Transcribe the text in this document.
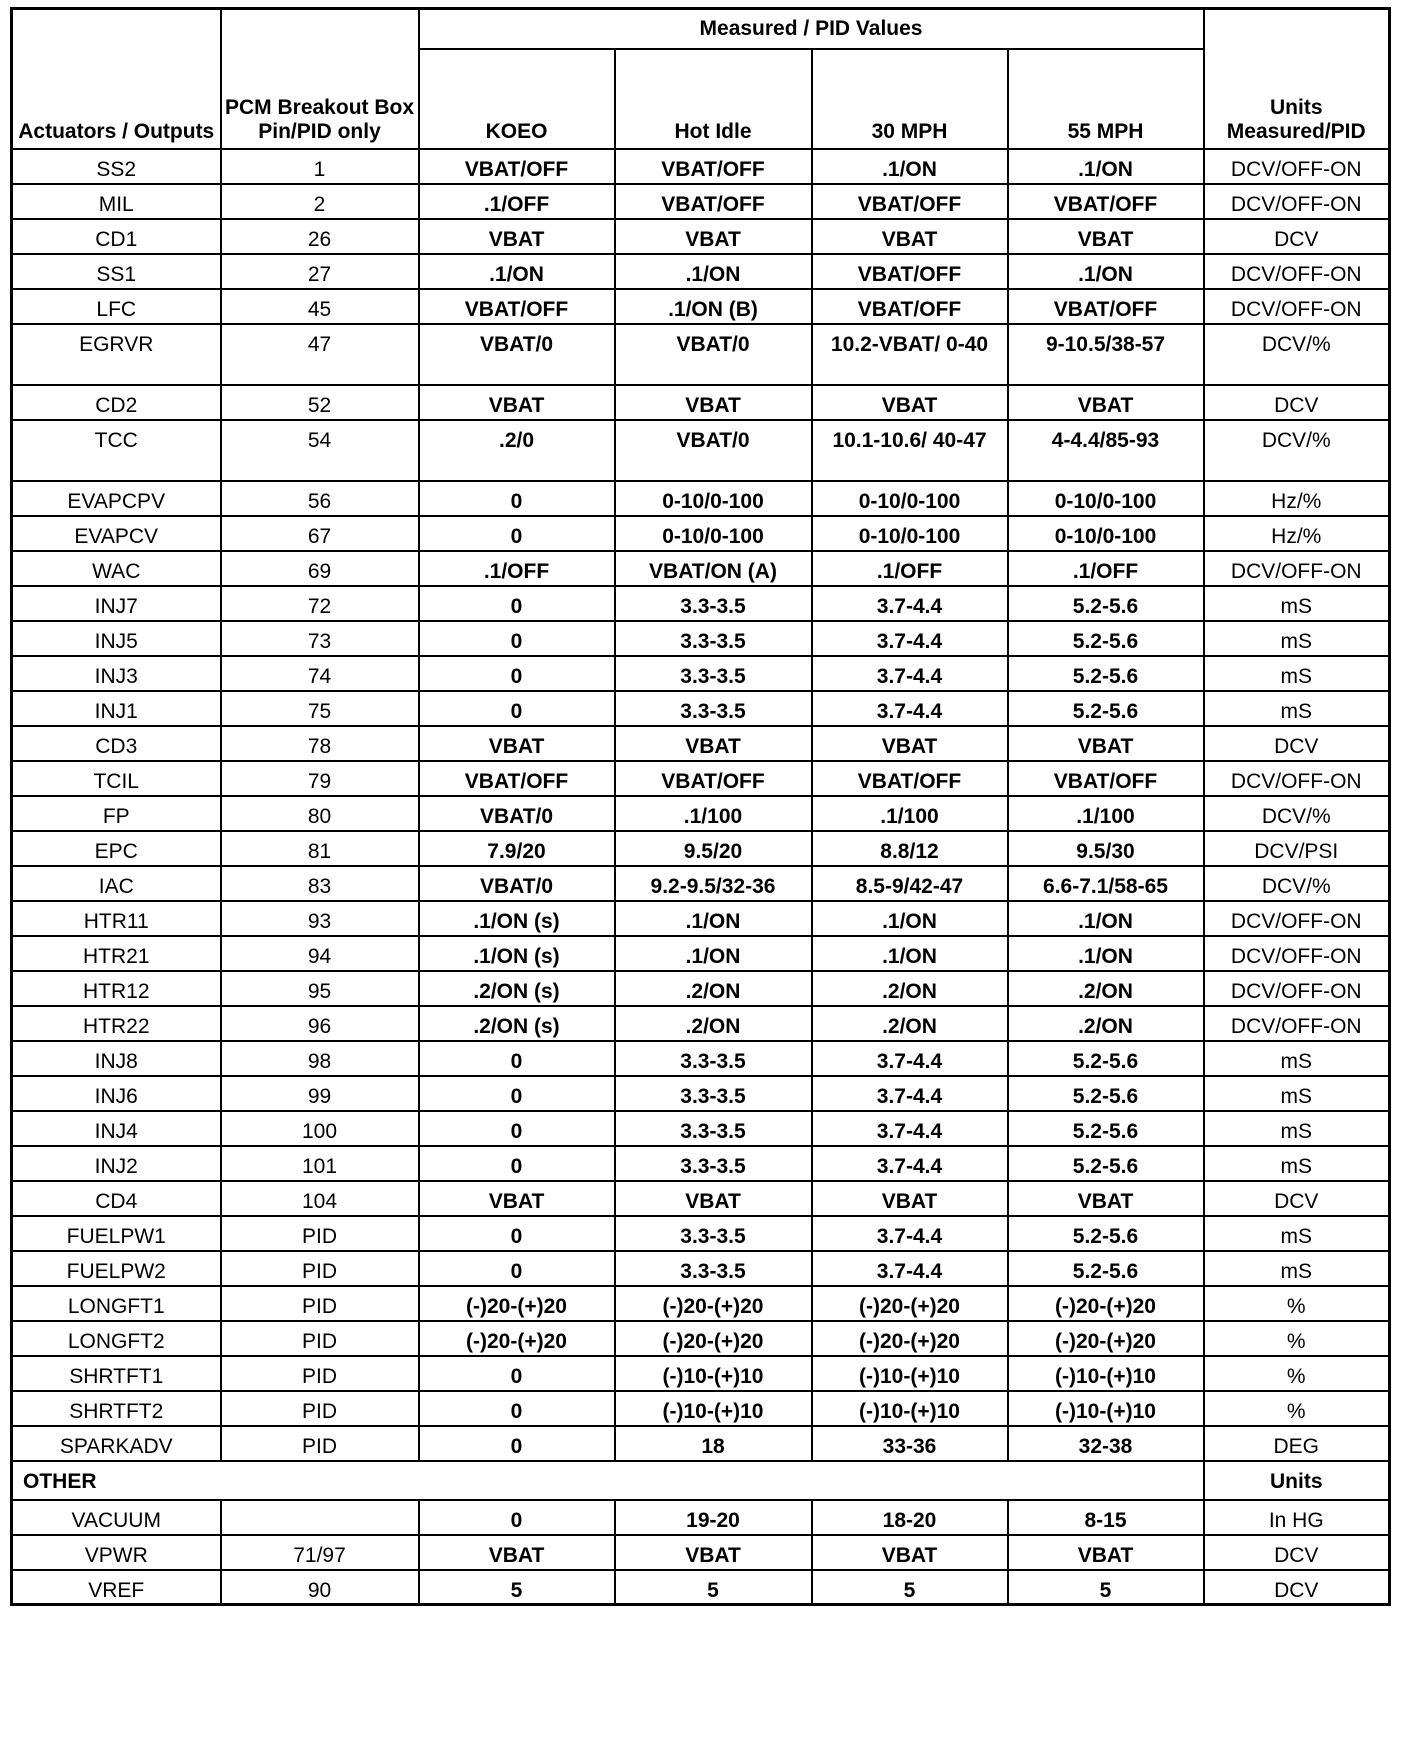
Actuators / Outputs	PCM Breakout Box Pin/PID only	Measured / PID Values				Units Measured/PID
		KOEO	Hot Idle	30 MPH	55 MPH	
SS2	1	VBAT/OFF	VBAT/OFF	.1/ON	.1/ON	DCV/OFF-ON
MIL	2	.1/OFF	VBAT/OFF	VBAT/OFF	VBAT/OFF	DCV/OFF-ON
CD1	26	VBAT	VBAT	VBAT	VBAT	DCV
SS1	27	.1/ON	.1/ON	VBAT/OFF	.1/ON	DCV/OFF-ON
LFC	45	VBAT/OFF	.1/ON (B)	VBAT/OFF	VBAT/OFF	DCV/OFF-ON
EGRVR	47	VBAT/0	VBAT/0	10.2-VBAT/ 0-40	9-10.5/38-57	DCV/%
CD2	52	VBAT	VBAT	VBAT	VBAT	DCV
TCC	54	.2/0	VBAT/0	10.1-10.6/ 40-47	4-4.4/85-93	DCV/%
EVAPCPV	56	0	0-10/0-100	0-10/0-100	0-10/0-100	Hz/%
EVAPCV	67	0	0-10/0-100	0-10/0-100	0-10/0-100	Hz/%
WAC	69	.1/OFF	VBAT/ON (A)	.1/OFF	.1/OFF	DCV/OFF-ON
INJ7	72	0	3.3-3.5	3.7-4.4	5.2-5.6	mS
INJ5	73	0	3.3-3.5	3.7-4.4	5.2-5.6	mS
INJ3	74	0	3.3-3.5	3.7-4.4	5.2-5.6	mS
INJ1	75	0	3.3-3.5	3.7-4.4	5.2-5.6	mS
CD3	78	VBAT	VBAT	VBAT	VBAT	DCV
TCIL	79	VBAT/OFF	VBAT/OFF	VBAT/OFF	VBAT/OFF	DCV/OFF-ON
FP	80	VBAT/0	.1/100	.1/100	.1/100	DCV/%
EPC	81	7.9/20	9.5/20	8.8/12	9.5/30	DCV/PSI
IAC	83	VBAT/0	9.2-9.5/32-36	8.5-9/42-47	6.6-7.1/58-65	DCV/%
HTR11	93	.1/ON (s)	.1/ON	.1/ON	.1/ON	DCV/OFF-ON
HTR21	94	.1/ON (s)	.1/ON	.1/ON	.1/ON	DCV/OFF-ON
HTR12	95	.2/ON (s)	.2/ON	.2/ON	.2/ON	DCV/OFF-ON
HTR22	96	.2/ON (s)	.2/ON	.2/ON	.2/ON	DCV/OFF-ON
INJ8	98	0	3.3-3.5	3.7-4.4	5.2-5.6	mS
INJ6	99	0	3.3-3.5	3.7-4.4	5.2-5.6	mS
INJ4	100	0	3.3-3.5	3.7-4.4	5.2-5.6	mS
INJ2	101	0	3.3-3.5	3.7-4.4	5.2-5.6	mS
CD4	104	VBAT	VBAT	VBAT	VBAT	DCV
FUELPW1	PID	0	3.3-3.5	3.7-4.4	5.2-5.6	mS
FUELPW2	PID	0	3.3-3.5	3.7-4.4	5.2-5.6	mS
LONGFT1	PID	(-)20-(+)20	(-)20-(+)20	(-)20-(+)20	(-)20-(+)20	%
LONGFT2	PID	(-)20-(+)20	(-)20-(+)20	(-)20-(+)20	(-)20-(+)20	%
SHRTFT1	PID	0	(-)10-(+)10	(-)10-(+)10	(-)10-(+)10	%
SHRTFT2	PID	0	(-)10-(+)10	(-)10-(+)10	(-)10-(+)10	%
SPARKADV	PID	0	18	33-36	32-38	DEG
OTHER						Units
VACUUM		0	19-20	18-20	8-15	In HG
VPWR	71/97	VBAT	VBAT	VBAT	VBAT	DCV
VREF	90	5	5	5	5	DCV
